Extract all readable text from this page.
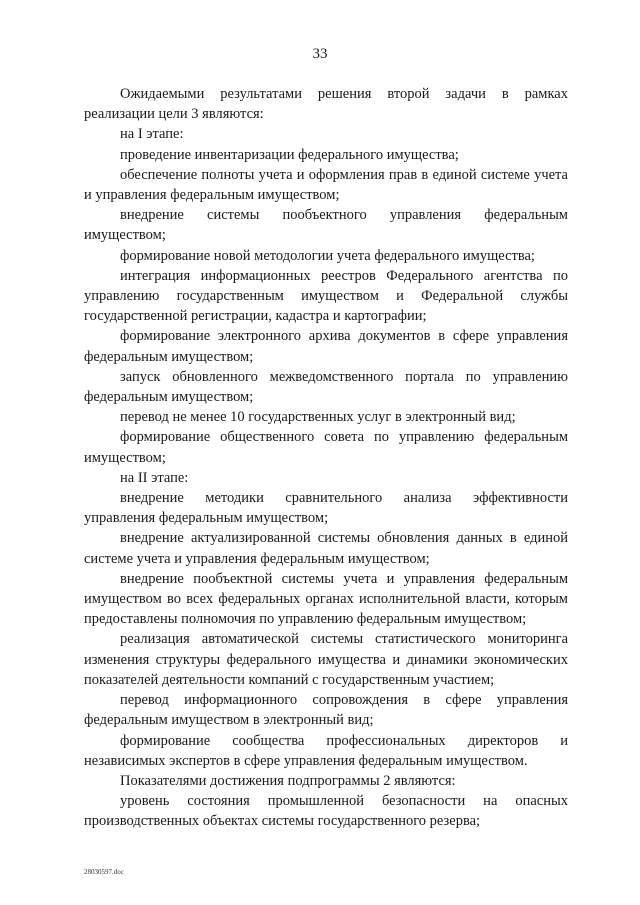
33

Ожидаемыми результатами решения второй задачи в рамках реализации цели 3 являются:

на I этапе:

проведение инвентаризации федерального имущества;

обеспечение полноты учета и оформления прав в единой системе учета и управления федеральным имуществом;

внедрение системы пообъектного управления федеральным имуществом;

формирование новой методологии учета федерального имущества;

интеграция информационных реестров Федерального агентства по управлению государственным имуществом и Федеральной службы государственной регистрации, кадастра и картографии;

формирование электронного архива документов в сфере управления федеральным имуществом;

запуск обновленного межведомственного портала по управлению федеральным имуществом;

перевод не менее 10 государственных услуг в электронный вид;

формирование общественного совета по управлению федеральным имуществом;

на II этапе:

внедрение методики сравнительного анализа эффективности управления федеральным имуществом;

внедрение актуализированной системы обновления данных в единой системе учета и управления федеральным имуществом;

внедрение пообъектной системы учета и управления федеральным имуществом во всех федеральных органах исполнительной власти, которым предоставлены полномочия по управлению федеральным имуществом;

реализация автоматической системы статистического мониторинга изменения структуры федерального имущества и динамики экономических показателей деятельности компаний с государственным участием;

перевод информационного сопровождения в сфере управления федеральным имуществом в электронный вид;

формирование сообщества профессиональных директоров и независимых экспертов в сфере управления федеральным имуществом.

Показателями достижения подпрограммы 2 являются:

уровень состояния промышленной безопасности на опасных производственных объектах системы государственного резерва;

28030597.doc
